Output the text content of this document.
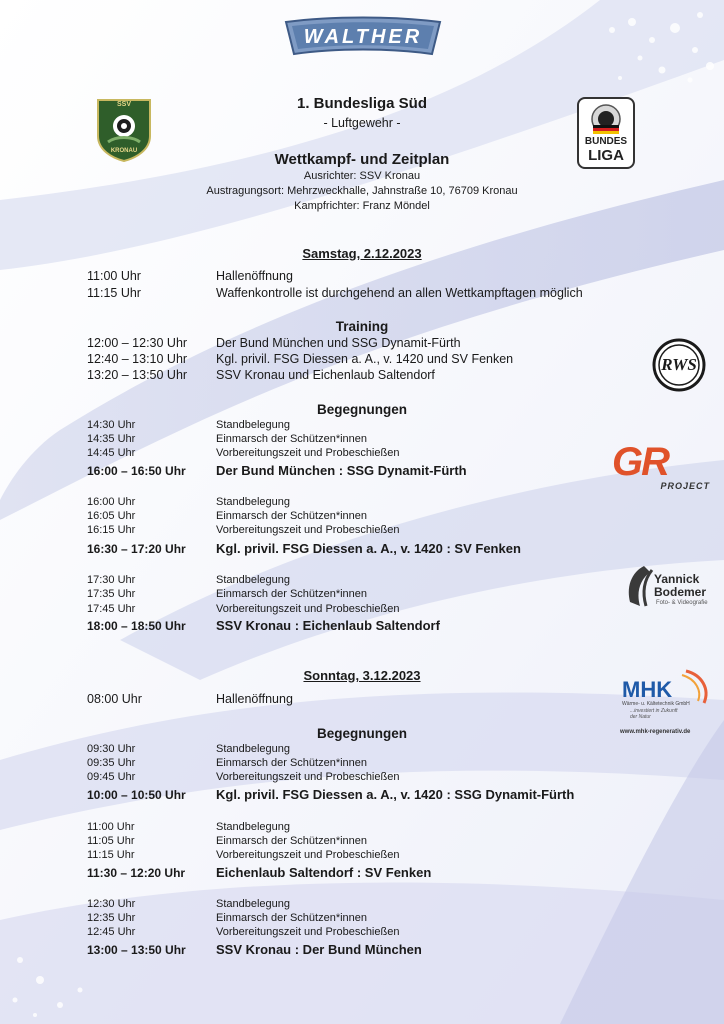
WALTHER
SSV
KRONAU
BUNDES
LIGA
1. Bundesliga Süd
- Luftgewehr -
Wettkampf- und Zeitplan
Ausrichter: SSV Kronau
Austragungsort: Mehrzweckhalle, Jahnstraße 10, 76709 Kronau
Kampfrichter: Franz Möndel
Samstag, 2.12.2023
11:00 Uhr	Hallenöffnung
11:15 Uhr	Waffenkontrolle ist durchgehend an allen Wettkampftagen möglich
Training
12:00 – 12:30 Uhr Der Bund München und SSG Dynamit-Fürth
12:40 – 13:10 Uhr Kgl. privil. FSG Diessen a. A., v. 1420 und SV Fenken
13:20 – 13:50 Uhr SSV Kronau und Eichenlaub Saltendorf
RWS
Begegnungen
14:30 Uhr	Standbelegung
14:35 Uhr	Einmarsch der Schützen*innen
14:45 Uhr	Vorbereitungszeit und Probeschießen
16:00 – 16:50 Uhr Der Bund München : SSG Dynamit-Fürth	GR
PROJECT
16:00 Uhr	Standbelegung
16:05 Uhr	Einmarsch der Schützen*innen
16:15 Uhr	Vorbereitungszeit und Probeschießen
16:30 – 17:20 Uhr Kgl. privil. FSG Diessen a. A., v. 1420 : SV Fenken
Yannick
Bodemer
Foto- & Videografie
17:30 Uhr	Standbelegung
17:35 Uhr	Einmarsch der Schützen*innen
17:45 Uhr	Vorbereitungszeit und Probeschießen
18:00 – 18:50 Uhr SSV Kronau : Eichenlaub Saltendorf
Sonntag, 3.12.2023
08:00 Uhr	Hallenöffnung	MHK
Wärme- u. Kältetechnik GmbH
...investiert in Zukunft der Natur
www.mhk-regenerativ.de
Begegnungen
09:30 Uhr	Standbelegung
09:35 Uhr	Einmarsch der Schützen*innen
09:45 Uhr	Vorbereitungszeit und Probeschießen
10:00 – 10:50 Uhr Kgl. privil. FSG Diessen a. A., v. 1420 : SSG Dynamit-Fürth
11:00 Uhr	Standbelegung
11:05 Uhr	Einmarsch der Schützen*innen
11:15 Uhr	Vorbereitungszeit und Probeschießen
11:30 – 12:20 Uhr Eichenlaub Saltendorf : SV Fenken
12:30 Uhr	Standbelegung
12:35 Uhr	Einmarsch der Schützen*innen
12:45 Uhr	Vorbereitungszeit und Probeschießen
13:00 – 13:50 Uhr SSV Kronau : Der Bund München
